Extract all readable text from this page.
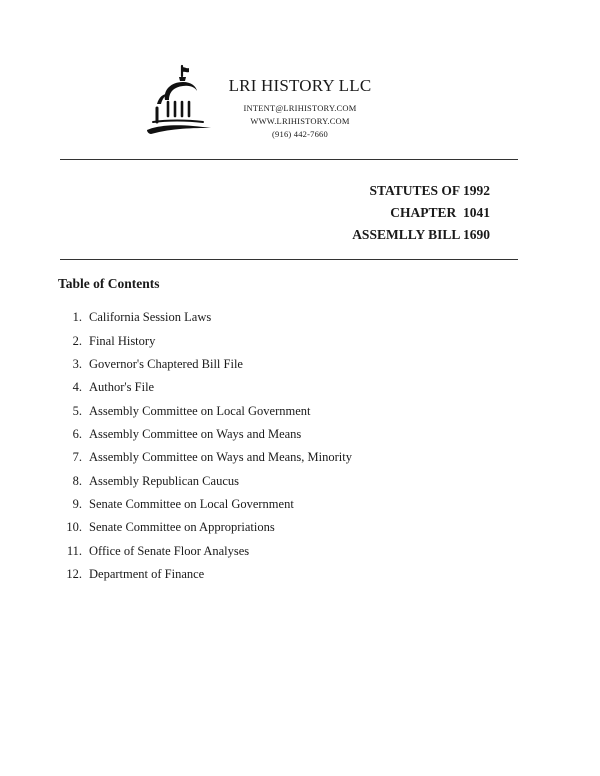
LRI HISTORY LLC
INTENT@LRIHISTORY.COM
WWW.LRIHISTORY.COM
(916) 442-7660
STATUTES OF 1992
CHAPTER  1041
ASSEMLLY BILL 1690
Table of Contents
1. California Session Laws
2. Final History
3. Governor's Chaptered Bill File
4. Author's File
5. Assembly Committee on Local Government
6. Assembly Committee on Ways and Means
7. Assembly Committee on Ways and Means, Minority
8. Assembly Republican Caucus
9. Senate Committee on Local Government
10. Senate Committee on Appropriations
11. Office of Senate Floor Analyses
12. Department of Finance
